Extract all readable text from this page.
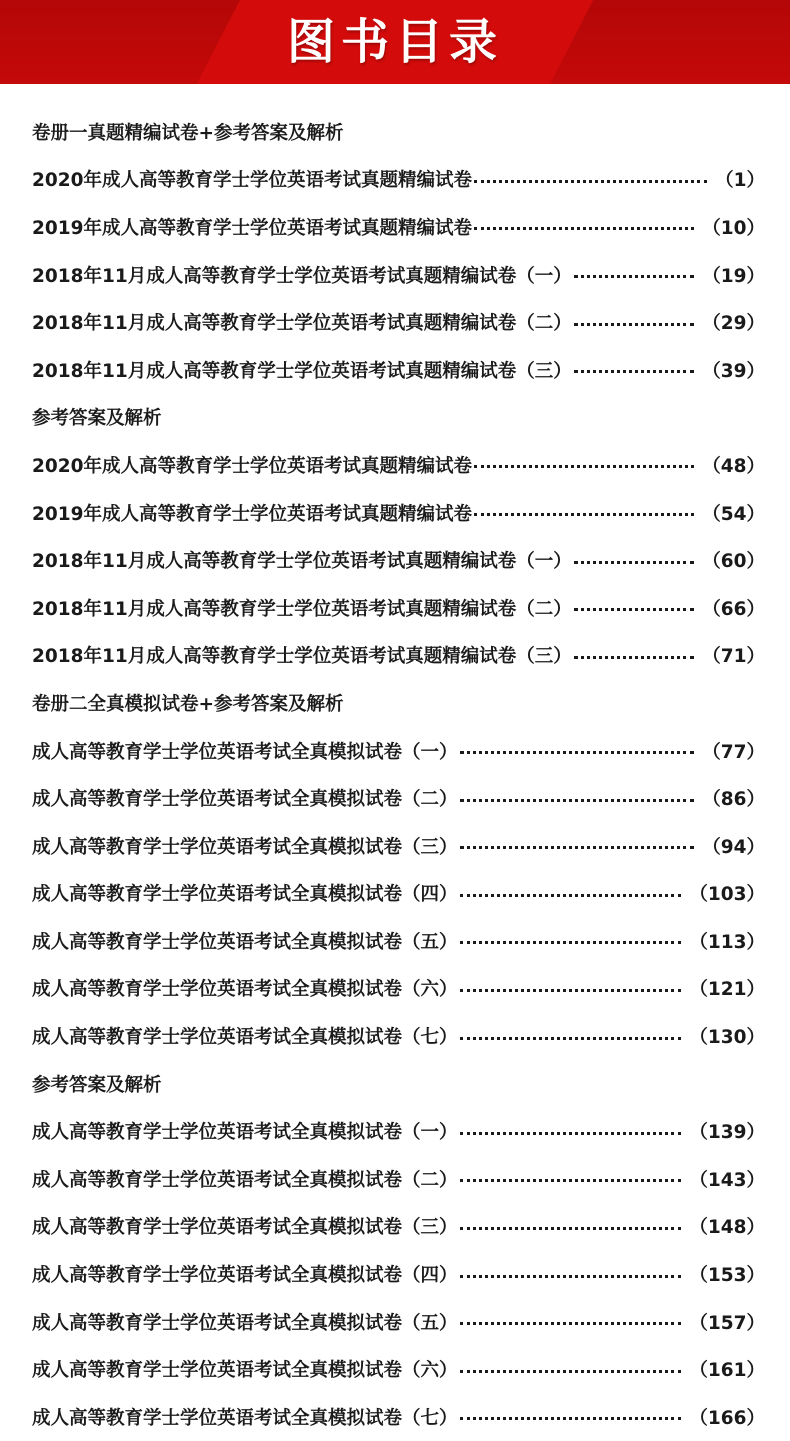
图书目录
卷册一真题精编试卷+参考答案及解析
2020年成人高等教育学士学位英语考试真题精编试卷	（1）
2019年成人高等教育学士学位英语考试真题精编试卷	（10）
2018年11月成人高等教育学士学位英语考试真题精编试卷（一）	（19）
2018年11月成人高等教育学士学位英语考试真题精编试卷（二）	（29）
2018年11月成人高等教育学士学位英语考试真题精编试卷（三）	（39）
参考答案及解析
2020年成人高等教育学士学位英语考试真题精编试卷	（48）
2019年成人高等教育学士学位英语考试真题精编试卷	（54）
2018年11月成人高等教育学士学位英语考试真题精编试卷（一）	（60）
2018年11月成人高等教育学士学位英语考试真题精编试卷（二）	（66）
2018年11月成人高等教育学士学位英语考试真题精编试卷（三）	（71）
卷册二全真模拟试卷+参考答案及解析
成人高等教育学士学位英语考试全真模拟试卷（一）	（77）
成人高等教育学士学位英语考试全真模拟试卷（二）	（86）
成人高等教育学士学位英语考试全真模拟试卷（三）	（94）
成人高等教育学士学位英语考试全真模拟试卷（四）	（103）
成人高等教育学士学位英语考试全真模拟试卷（五）	（113）
成人高等教育学士学位英语考试全真模拟试卷（六）	（121）
成人高等教育学士学位英语考试全真模拟试卷（七）	（130）
参考答案及解析
成人高等教育学士学位英语考试全真模拟试卷（一）	（139）
成人高等教育学士学位英语考试全真模拟试卷（二）	（143）
成人高等教育学士学位英语考试全真模拟试卷（三）	（148）
成人高等教育学士学位英语考试全真模拟试卷（四）	（153）
成人高等教育学士学位英语考试全真模拟试卷（五）	（157）
成人高等教育学士学位英语考试全真模拟试卷（六）	（161）
成人高等教育学士学位英语考试全真模拟试卷（七）	（166）
